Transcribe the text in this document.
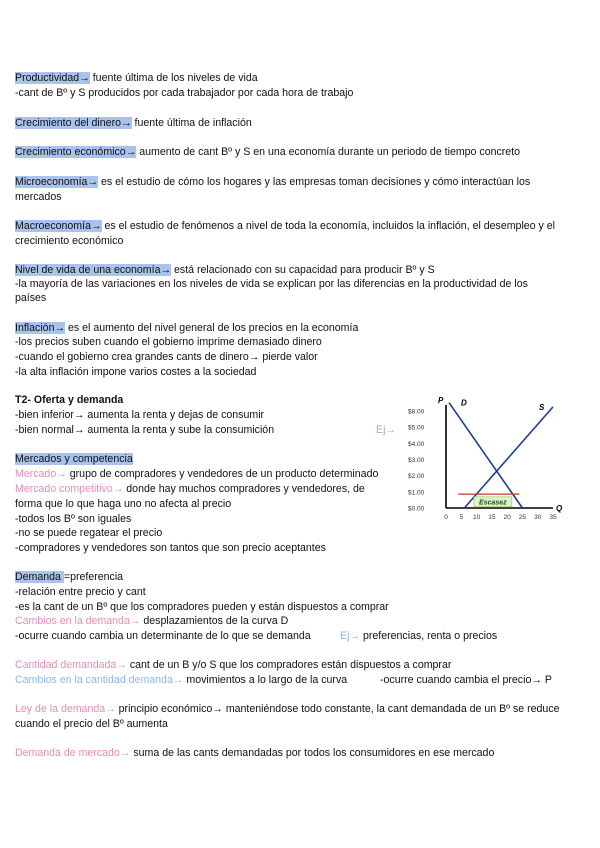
Productividad→ fuente última de los niveles de vida
-cant de Bº y S producidos por cada trabajador por cada hora de trabajo
Crecimiento del dinero→ fuente última de inflación
Crecimiento económico→ aumento de cant Bº y S en una economía durante un periodo de tiempo concreto
Microeconomía→ es el estudio de cómo los hogares y las empresas toman decisiones y cómo interactúan los
mercados
Macroeconomía→ es el estudio de fenómenos a nivel de toda la economía, incluidos la inflación, el desempleo y el
crecimiento económico
Nivel de vida de una economía→ está relacionado con su capacidad para producir Bº y S
-la mayoría de las variaciones en los niveles de vida se explican por las diferencias en la productividad de los
países
Inflación→ es el aumento del nivel general de los precios en la economía
-los precios suben cuando el gobierno imprime demasiado dinero
-cuando el gobierno crea grandes cants de dinero→ pierde valor
-la alta inflación impone varios costes a la sociedad
T2- Oferta y demanda
-bien inferior→ aumenta la renta y dejas de consumir
-bien normal→ aumenta la renta y sube la consumición	Ej→
Mercados y competencia
Mercado→ grupo de compradores y vendedores de un producto determinado
Mercado competitivo→ donde hay muchos compradores y vendedores, de
forma que lo que haga uno no afecta al precio
-todos los Bº son iguales
-no se puede regatear el precio
-compradores y vendedores son tantos que son precio aceptantes
P
Q
$8.00
$5.00
$4.00
$3.00
$2.00
$1.00
$0.00
0 5 10 15 20 25 30 35
D	S
Escasez
Demanda =preferencia
-relación entre precio y cant
-es la cant de un Bº que los compradores pueden y están dispuestos a comprar
Cambios en la demanda→ desplazamientos de la curva D
-ocurre cuando cambia un determinante de lo que se demanda	Ej→ preferencias, renta o precios
Cantidad demandada→ cant de un B y/o S que los compradores están dispuestos a comprar
Cambios en la cantidad demanda→ movimientos a lo largo de la curva	-ocurre cuando cambia el precio→ P
Ley de la demanda→ principio económico→ manteniéndose todo constante, la cant demandada de un Bº se reduce
cuando el precio del Bº aumenta
Demanda de mercado→ suma de las cants demandadas por todos los consumidores en ese mercado
